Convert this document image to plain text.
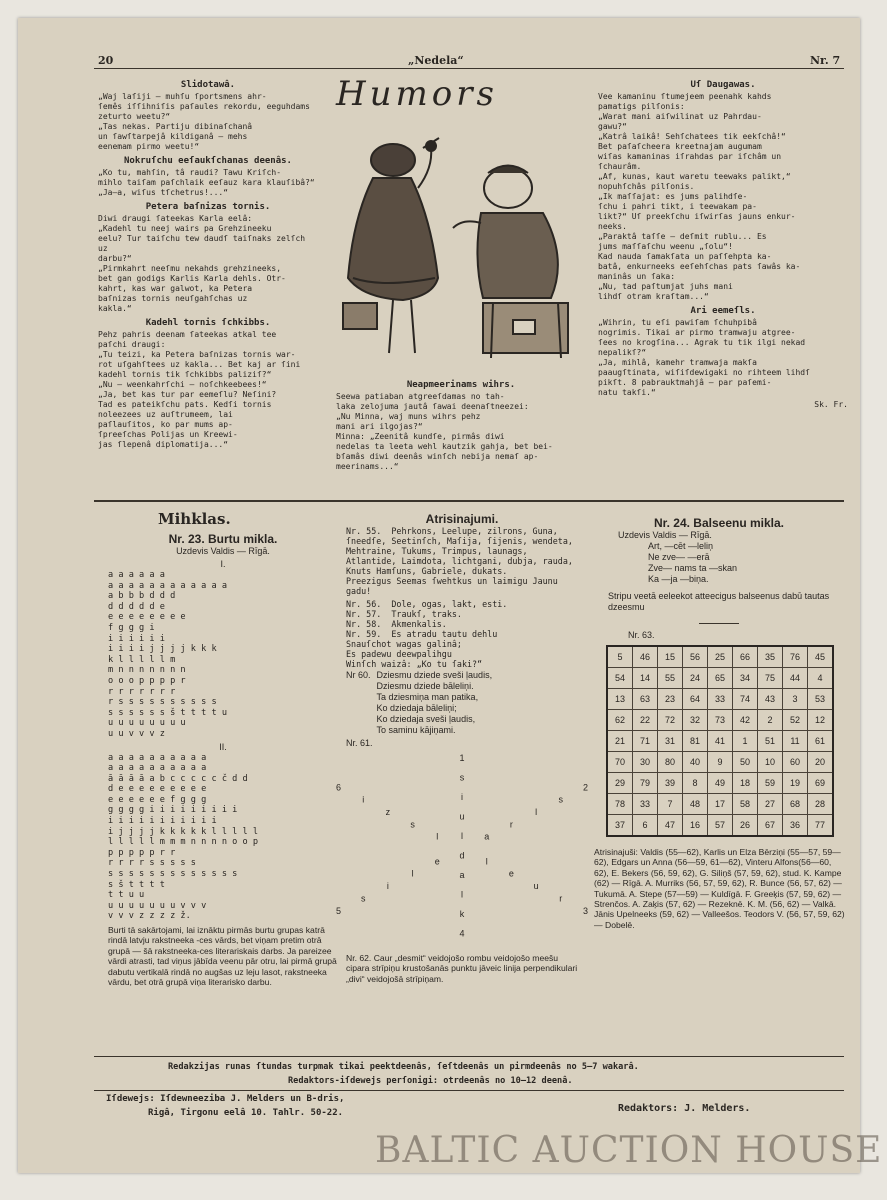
20	„Nedela“	Nr. 7
Slidotawâ.

„Waj laſiji — muhſu ſportsmens ahr-
ſemês iſſihniſis paſaules rekordu, eeguhdams
zeturto weetu?“
„Tas nekas. Partiju dibinaſchanâ
un ſawſtarpejâ kildiganâ — mehs
eenemam pirmo weetu!“

Nokruſchu eeſaukſchanas deenâs.

„Ko tu, mahſin, tâ raudi? Tawu Kriſch-
mihlo taiſam paſchlaik eeſauz kara klauſibâ?“
„Ja—a, wiſus tſchetrus!...“

Petera baſnizas tornis.

Diwi draugi ſateekas Karla eelâ:
„Kadehl tu neej wairs pa Grehzineeku
eelu? Tur taiſchu tew daudſ taiſnaks zelſch uz
darbu?“
„Pirmkahrt neeſmu nekahds grehzineeks,
bet gan godigs Karlis Karla dehls. Otr-
kahrt, kas war galwot, ka Petera
baſnizas tornis neuſgahſchas uz
kakla.“

Kadehl tornis ſchkibbs.

Pehz pahris deenam ſateekas atkal tee
paſchi draugi:
„Tu teizi, ka Petera baſnizas tornis war-
rot uſgahſtees uz kakla... Bet kaj ar ſini
kadehl tornis tik ſchkibbs paliziſ?“
„Nu — weenkahrſchi — noſchkeebees!“
„Ja, bet kas tur par eemeſlu? Neſini?
Tad es pateikſchu pats. Kedſi tornis
noleezees uz auſtrumeem, lai
paſlauſitos, ko par mums ap-
ſpreeſchas Polijas un Kreewi-
jas ſlepenâ diplomatija...“

Humors
Neapmeerinams wihrs.

Seewa patiaban atgreeſdamas no tah-
laka zelojuma jautâ ſawai deenaſtneezei:
„Nu Minna, waj muns wihrs pehz
mani ari ilgojas?“
Minna: „Zeenitâ kundſe, pirmâs diwi
nedelas ta leeta wehl kautzik gahja, bet bei-
bſamâs diwi deenâs winſch nebija nemaſ ap-
meerinams...“

Uſ Daugawas.

Vee kamaninu ſtumejeem peenahk kahds
pamatigs pilſonis:
„Warat mani aiſwilinat uz Pahrdau-
gawu?“
„Katrâ laikâ! Sehſchatees tik eekſchâ!“
Bet paſaſcheera kreetnajam augumam
wiſas kamaninas iſrahdas par iſchâm un
ſchaurâm.
„Af, kunas, kaut waretu teewaks palikt,“
nopuhſchâs pilſonis.
„Ik maſſajat: es jums palihdſe-
ſchu i pahri tikt, i teewakam pa-
likt?“ Uſ preekſchu iſwirſas jauns enkur-
neeks.
„Paraktâ taſſe — deſmit rublu... Es
jums maſſaſchu weenu „ſolu“!
Kad nauda ſamakſata un paſſehpta ka-
batâ, enkurneeks eeſehſchas pats ſawâs ka-
maninâs un ſaka:
„Nu, tad paſtumjat juhs mani
lihdſ otram kraſtam...“

Ari eemeſls.

„Wihrin, tu eſi pawiſam ſchuhpibâ
nogrimis. Tikai ar pirmo tramwaju atgree-
ſees no krogſina... Agrak tu tik ilgi nekad
nepalikſ?“
„Ja, mihlâ, kamehr tramwaja makſa
paaugſtinata, wiſiſdewigaki no rihteem lihdſ
pikſt. 8 pabrauktmahjâ — par paſemi-
natu takſi.“

Sk. Fr.
Mihklas.
Nr. 23. Burtu mikla.
Uzdevis Valdis — Rīgā.
I.
a a a a a a
a a a a a a a a a a a a
a b b b d d d
d d d d d e
e e e e e e e e
f g g g i
i i i i i i
i i i i j j j j k k k
k l l l l l m
m n n n n n n n
o o o p p p p r
r r r r r r r
r s s s s s s s s s s
s s s s s s š t t t t u
u u u u u u u u
u u v v v z
II.
a a a a a a a a a a
a a a a a a a a a a
ā ā ā ā a b c c c c c č d d
d e e e e e e e e e
e e e e e e f g g g
g g g g i i i i i i i i i
i i i i i i i i i i i
i j j j j k k k k k l l l l l
l l l l l m m m n n n n o o p
p p p p p r r
r r r r s s s s s
s s s s s s s s s s s s s
s š t t t t
t t u u
u u u u u u u v v v
v v v z z z z ž.

Burti tā sakārtojami, lai iznāktu pirmās burtu grupas katrā rindā latvju rakstneeka -ces vārds, bet viņam pretim otrā grupā — šā rakstneeka-ces literariskais darbs. Ja pareizee vārdi atrasti, tad viņus jābīda veenu pār otru, lai pirmā grupā dabutu vertikalā rindā no augšas uz leju lasot, rakstneeka vārdu, bet otrā grupā viņa literarisko darbu.

Atrisinajumi.

Nr. 55.  Pehrkons, Leelupe, zilrons, Guna, ſneedſe, Seetinſch, Maſija, ſijenis, wendeta, Mehtraine, Tukums, Trimpus, launags, Atlantide, Laimdota, lichtgani, dubja, rauda, Knuts Hamſuns, Gabriele, dukats.

Preezigus Seemas ſwehtkus un laimigu Jaunu gadu!

Nr. 56.  Dole, ogas, lakt, esti.

Nr. 57.  Traukſ, traks.

Nr. 58.  Akmenkalis.

Nr. 59.  Es atradu tautu dehlu
Snauſchot wagas galinâ;
Es padewu deewpalihgu
Winſch waizâ: „Ko tu ſaki?“

Nr 60. Dziesmu dziede sveši ļaudis,
Dziesmu dziede bāleliņi.
Ta dziesmiņa man patika,
Ko dziedaja bāleliņi;
Ko dziedaja sveši ļaudis,
To saminu kājiņami.
Nr. 61.
1
s
i
u
l
d
a
l
k
4
6
i
z
s
l	a
r
l
s
2
5
s
i
l
e	l
e
u
r
3

Nr. 62. Caur „desmit“ veidojošo rombu veidojošo meešu cipara strīpiņu krustošanās punktu jāveic linija perpendikulari „divi“ veidojošā strīpiņam.

Nr. 24. Balseenu mikla.
Uzdevis Valdis — Rīgā.
Art, —cēt —leliņ
Ne zve— —erā
Zve— nams ta —skan
Ka —ja —biņa.

Stripu veetā eeleekot atteecigus balseenus dabū tautas dzeesmu

Nr. 63.
5	46	15	56	25	66	35	76	45
54	14	55	24	65	34	75	44	4
13	63	23	64	33	74	43	3	53
62	22	72	32	73	42	2	52	12
21	71	31	81	41	1	51	11	61
70	30	80	40	9	50	10	60	20
29	79	39	8	49	18	59	19	69
78	33	7	48	17	58	27	68	28
37	6	47	16	57	26	67	36	77

Atrisinajuši: Valdis (55—62), Karlis un Elza Bērziņi (55—57, 59—62), Edgars un Anna (56—59, 61—62), Vinteru Alfons(56—60, 62), E. Bekers (56, 59, 62), G. Siliņš (57, 59, 62), stud. K. Kampe (62) — Rīgā. A. Murriks (56, 57, 59, 62), R. Bunce (56, 57, 62) — Tukumā. A. Stepe (57—59) — Kuldīgā. F. Greeķis (57, 59, 62) — Strenčos. A. Zaķis (57, 62) — Rezeknē. K. M. (56, 62) — Valkā. Jānis Upelneeks (59, 62) — Valleešos. Teodors V. (56, 57, 59, 62) — Dobelē.

Redakzijas runas ſtundas turpmak tikai peektdeenâs, ſeſtdeenâs un pirmdeenâs no 5—7 wakarâ.
Redaktors-iſdewejs perſonigi: otrdeenâs no 10—12 deenâ.
Iſdewejs: Iſdewneeziba J. Melders un B-dris,
Rigâ, Tirgonu eelâ 10. Tahlr. 50-22.	Redaktors: J. Melders.
BALTIC AUCTION HOUSE
